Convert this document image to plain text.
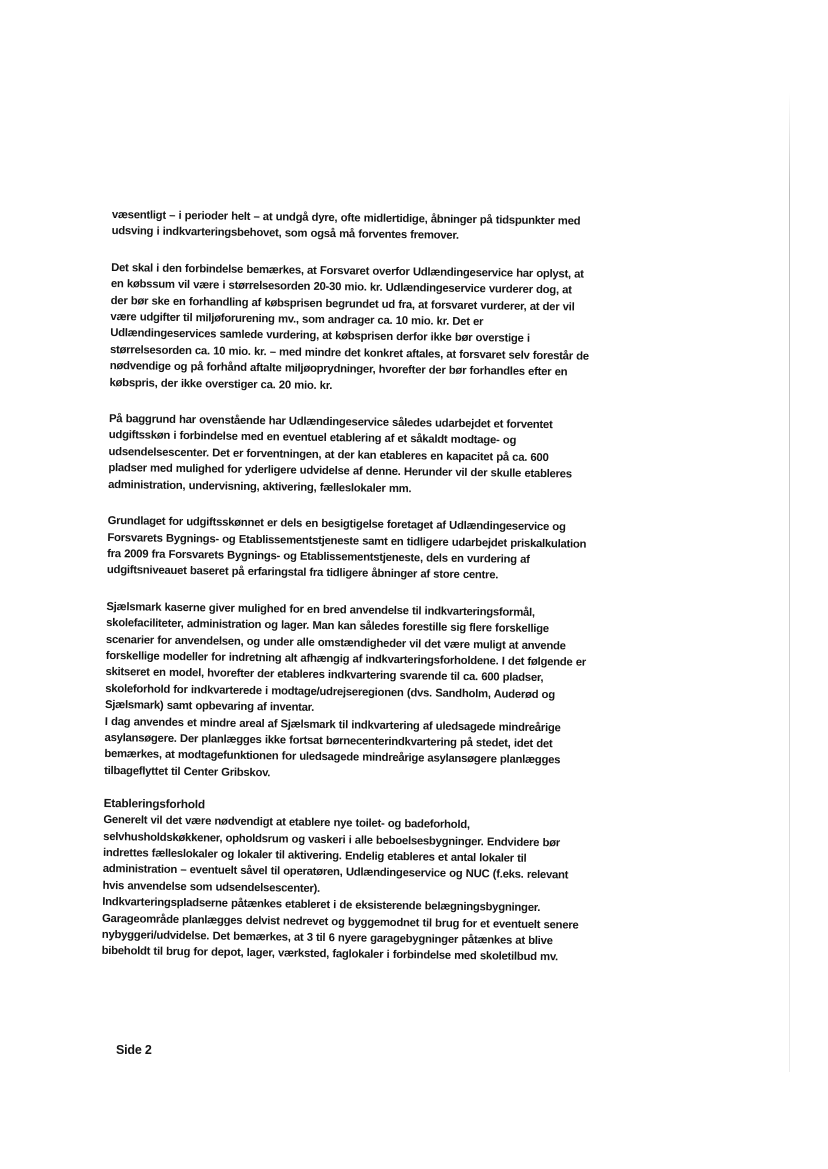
væsentligt – i perioder helt – at undgå dyre, ofte midlertidige, åbninger på tidspunkter med
udsving i indkvarteringsbehovet, som også må forventes fremover.

Det skal i den forbindelse bemærkes, at Forsvaret overfor Udlændingeservice har oplyst, at
en købssum vil være i størrelsesorden 20-30 mio. kr. Udlændingeservice vurderer dog, at
der bør ske en forhandling af købsprisen begrundet ud fra, at forsvaret vurderer, at der vil
være udgifter til miljøforurening mv., som andrager ca. 10 mio. kr. Det er
Udlændingeservices samlede vurdering, at købsprisen derfor ikke bør overstige i
størrelsesorden ca. 10 mio. kr. – med mindre det konkret aftales, at forsvaret selv forestår de
nødvendige og på forhånd aftalte miljøoprydninger, hvorefter der bør forhandles efter en
købspris, der ikke overstiger ca. 20 mio. kr.

På baggrund har ovenstående har Udlændingeservice således udarbejdet et forventet
udgiftsskøn i forbindelse med en eventuel etablering af et såkaldt modtage- og
udsendelsescenter. Det er forventningen, at der kan etableres en kapacitet på ca. 600
pladser med mulighed for yderligere udvidelse af denne. Herunder vil der skulle etableres
administration, undervisning, aktivering, fælleslokaler mm.

Grundlaget for udgiftsskønnet er dels en besigtigelse foretaget af Udlændingeservice og
Forsvarets Bygnings- og Etablissementstjeneste samt en tidligere udarbejdet priskalkulation
fra 2009 fra Forsvarets Bygnings- og Etablissementstjeneste, dels en vurdering af
udgiftsniveauet baseret på erfaringstal fra tidligere åbninger af store centre.

Sjælsmark kaserne giver mulighed for en bred anvendelse til indkvarteringsformål,
skolefaciliteter, administration og lager. Man kan således forestille sig flere forskellige
scenarier for anvendelsen, og under alle omstændigheder vil det være muligt at anvende
forskellige modeller for indretning alt afhængig af indkvarteringsforholdene. I det følgende er
skitseret en model, hvorefter der etableres indkvartering svarende til ca. 600 pladser,
skoleforhold for indkvarterede i modtage/udrejseregionen (dvs. Sandholm, Auderød og
Sjælsmark) samt opbevaring af inventar.
I dag anvendes et mindre areal af Sjælsmark til indkvartering af uledsagede mindreårige
asylansøgere. Der planlægges ikke fortsat børnecenterindkvartering på stedet, idet det
bemærkes, at modtagefunktionen for uledsagede mindreårige asylansøgere planlægges
tilbageflyttet til Center Gribskov.

Etableringsforhold

Generelt vil det være nødvendigt at etablere nye toilet- og badeforhold,
selvhusholdskøkkener, opholdsrum og vaskeri i alle beboelsesbygninger. Endvidere bør
indrettes fælleslokaler og lokaler til aktivering. Endelig etableres et antal lokaler til
administration – eventuelt såvel til operatøren, Udlændingeservice og NUC (f.eks. relevant
hvis anvendelse som udsendelsescenter).
Indkvarteringspladserne påtænkes etableret i de eksisterende belægningsbygninger.
Garageområde planlægges delvist nedrevet og byggemodnet til brug for et eventuelt senere
nybyggeri/udvidelse. Det bemærkes, at 3 til 6 nyere garagebygninger påtænkes at blive
bibeholdt til brug for depot, lager, værksted, faglokaler i forbindelse med skoletilbud mv.

Side 2
